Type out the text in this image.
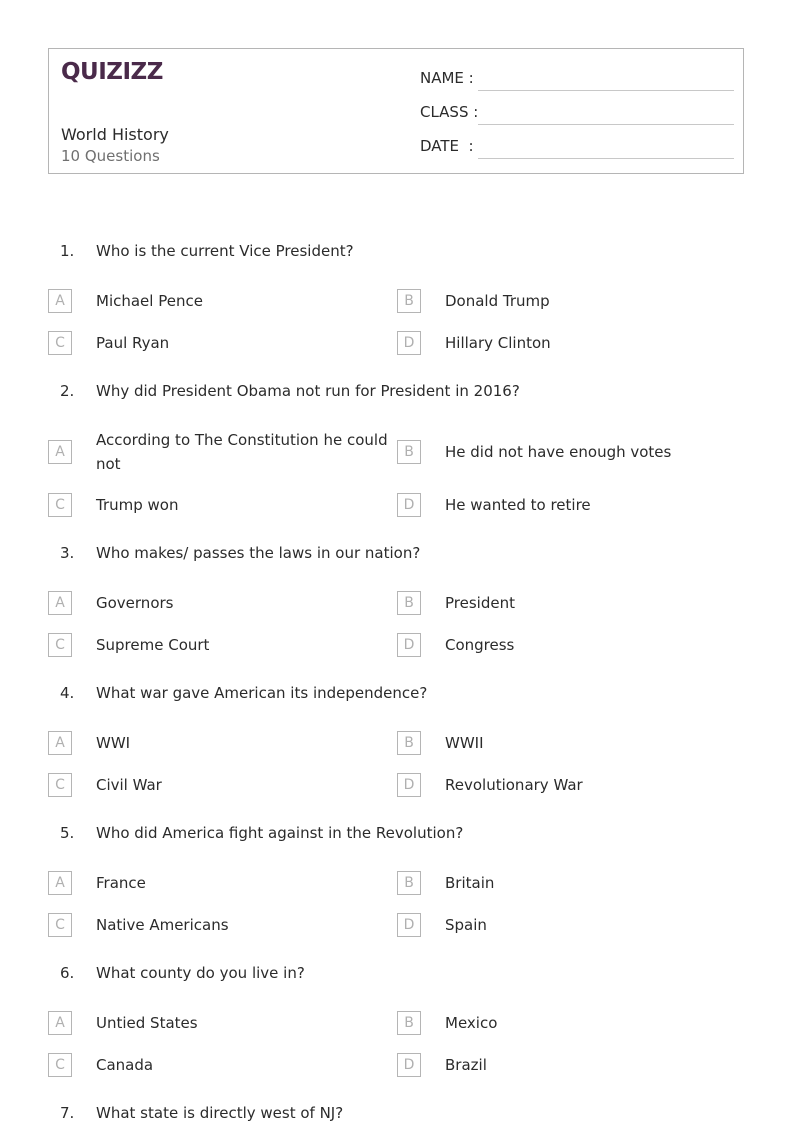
QUIZIZZ
World History
10 Questions
NAME :
CLASS :
DATE  :
1. Who is the current Vice President?
A	Michael Pence	B	Donald Trump
C	Paul Ryan	D	Hillary Clinton
2. Why did President Obama not run for President in 2016?
A
According to The Constitution he could not
B	He did not have enough votes
C	Trump won	D	He wanted to retire
3. Who makes/ passes the laws in our nation?
A	Governors	B	President
C	Supreme Court	D	Congress
4. What war gave American its independence?
A	WWI	B	WWII
C	Civil War	D	Revolutionary War
5. Who did America fight against in the Revolution?
A	France	B	Britain
C	Native Americans	D	Spain
6. What county do you live in?
A	Untied States	B	Mexico
C	Canada	D	Brazil
7. What state is directly west of NJ?
